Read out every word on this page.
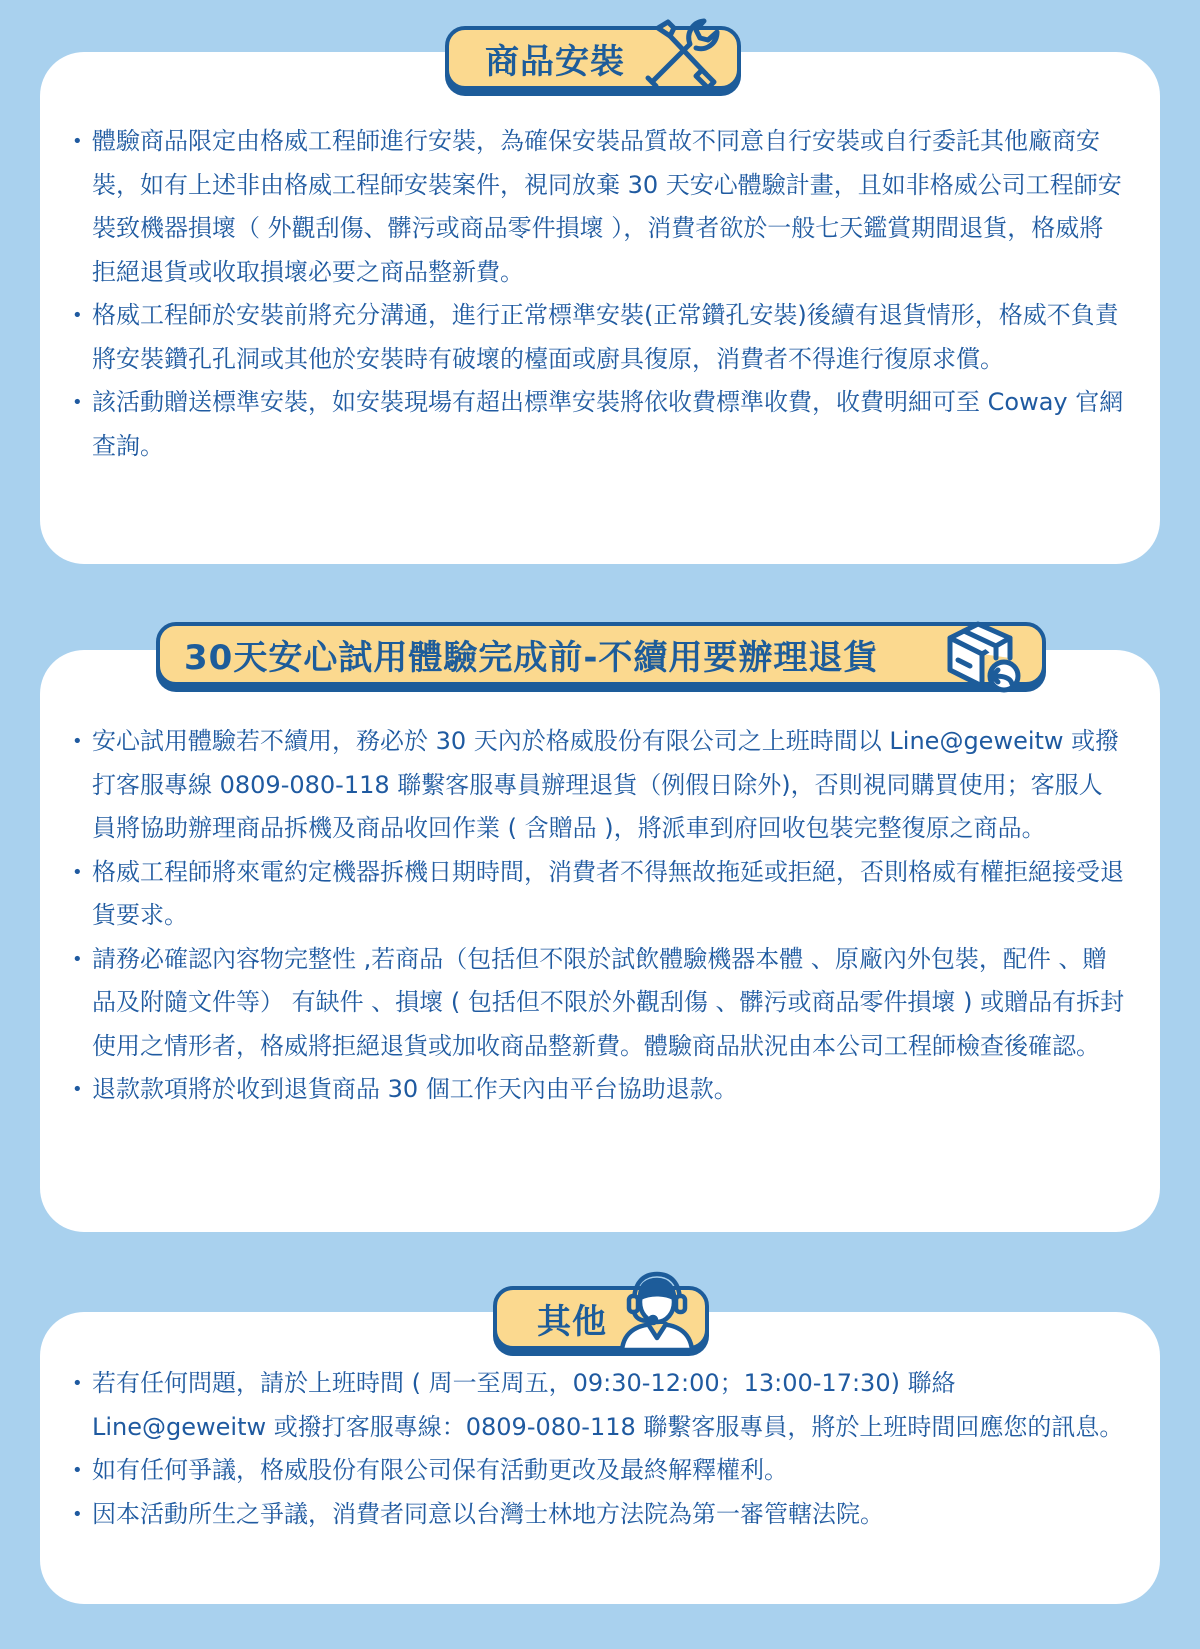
• 體驗商品限定由格威工程師進行安裝，為確保安裝品質故不同意自行安裝或自行委託其他廠商安裝，如有上述非由格威工程師安裝案件，視同放棄 30 天安心體驗計畫，且如非格威公司工程師安裝致機器損壞（ 外觀刮傷、髒污或商品零件損壞 ），消費者欲於一般七天鑑賞期間退貨，格威將拒絕退貨或收取損壞必要之商品整新費。
• 格威工程師於安裝前將充分溝通，進行正常標準安裝(正常鑽孔安裝)後續有退貨情形，格威不負責將安裝鑽孔孔洞或其他於安裝時有破壞的檯面或廚具復原，消費者不得進行復原求償。
• 該活動贈送標準安裝，如安裝現場有超出標準安裝將依收費標準收費，收費明細可至 Coway 官網查詢。
商品安裝
• 安心試用體驗若不續用，務必於 30 天內於格威股份有限公司之上班時間以 Line@geweitw 或撥打客服專線 0809-080-118 聯繫客服專員辦理退貨（例假日除外)，否則視同購買使用；客服人員將協助辦理商品拆機及商品收回作業 ( 含贈品 )，將派車到府回收包裝完整復原之商品。
• 格威工程師將來電約定機器拆機日期時間，消費者不得無故拖延或拒絕，否則格威有權拒絕接受退貨要求。
• 請務必確認內容物完整性 ,若商品（包括但不限於試飲體驗機器本體 、原廠內外包裝，配件 、贈品及附隨文件等） 有缺件 、損壞 ( 包括但不限於外觀刮傷 、髒污或商品零件損壞 ) 或贈品有拆封使用之情形者，格威將拒絕退貨或加收商品整新費。體驗商品狀況由本公司工程師檢查後確認。
• 退款款項將於收到退貨商品 30 個工作天內由平台協助退款。
30天安心試用體驗完成前-不續用要辦理退貨
• 若有任何問題，請於上班時間 ( 周一至周五，09:30-12:00；13:00-17:30) 聯絡 Line@geweitw 或撥打客服專線：0809-080-118 聯繫客服專員，將於上班時間回應您的訊息。
• 如有任何爭議，格威股份有限公司保有活動更改及最終解釋權利。
• 因本活動所生之爭議，消費者同意以台灣士林地方法院為第一審管轄法院。
其他
